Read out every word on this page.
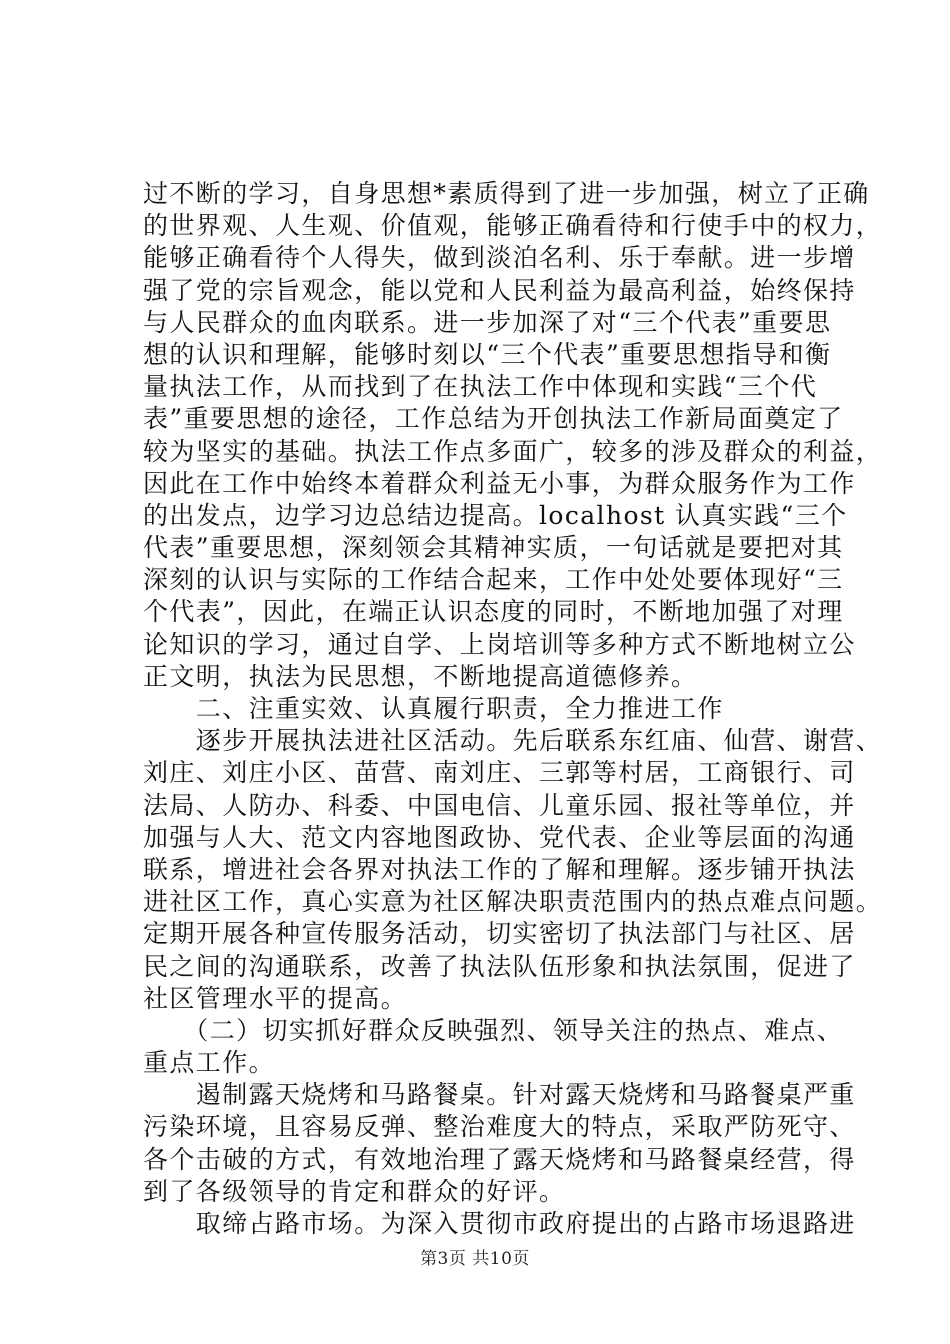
过不断的学习，自身思想*素质得到了进一步加强，树立了正确
的世界观、人生观、价值观，能够正确看待和行使手中的权力，
能够正确看待个人得失，做到淡泊名利、乐于奉献。进一步增
强了党的宗旨观念，能以党和人民利益为最高利益，始终保持
与人民群众的血肉联系。进一步加深了对“三个代表”重要思
想的认识和理解，能够时刻以“三个代表”重要思想指导和衡
量执法工作，从而找到了在执法工作中体现和实践“三个代
表”重要思想的途径，工作总结为开创执法工作新局面奠定了
较为坚实的基础。执法工作点多面广，较多的涉及群众的利益，
因此在工作中始终本着群众利益无小事，为群众服务作为工作
的出发点，边学习边总结边提高。localhost 认真实践“三个
代表”重要思想，深刻领会其精神实质，一句话就是要把对其
深刻的认识与实际的工作结合起来，工作中处处要体现好“三
个代表”，因此，在端正认识态度的同时，不断地加强了对理
论知识的学习，通过自学、上岗培训等多种方式不断地树立公
正文明，执法为民思想，不断地提高道德修养。
　　二、注重实效、认真履行职责，全力推进工作
　　逐步开展执法进社区活动。先后联系东红庙、仙营、谢营、
刘庄、刘庄小区、苗营、南刘庄、三郭等村居，工商银行、司
法局、人防办、科委、中国电信、儿童乐园、报社等单位，并
加强与人大、范文内容地图政协、党代表、企业等层面的沟通
联系，增进社会各界对执法工作的了解和理解。逐步铺开执法
进社区工作，真心实意为社区解决职责范围内的热点难点问题。
定期开展各种宣传服务活动，切实密切了执法部门与社区、居
民之间的沟通联系，改善了执法队伍形象和执法氛围，促进了
社区管理水平的提高。
　　（二）切实抓好群众反映强烈、领导关注的热点、难点、
重点工作。
　　遏制露天烧烤和马路餐桌。针对露天烧烤和马路餐桌严重
污染环境，且容易反弹、整治难度大的特点，采取严防死守、
各个击破的方式，有效地治理了露天烧烤和马路餐桌经营，得
到了各级领导的肯定和群众的好评。
　　取缔占路市场。为深入贯彻市政府提出的占路市场退路进
第3页 共10页
